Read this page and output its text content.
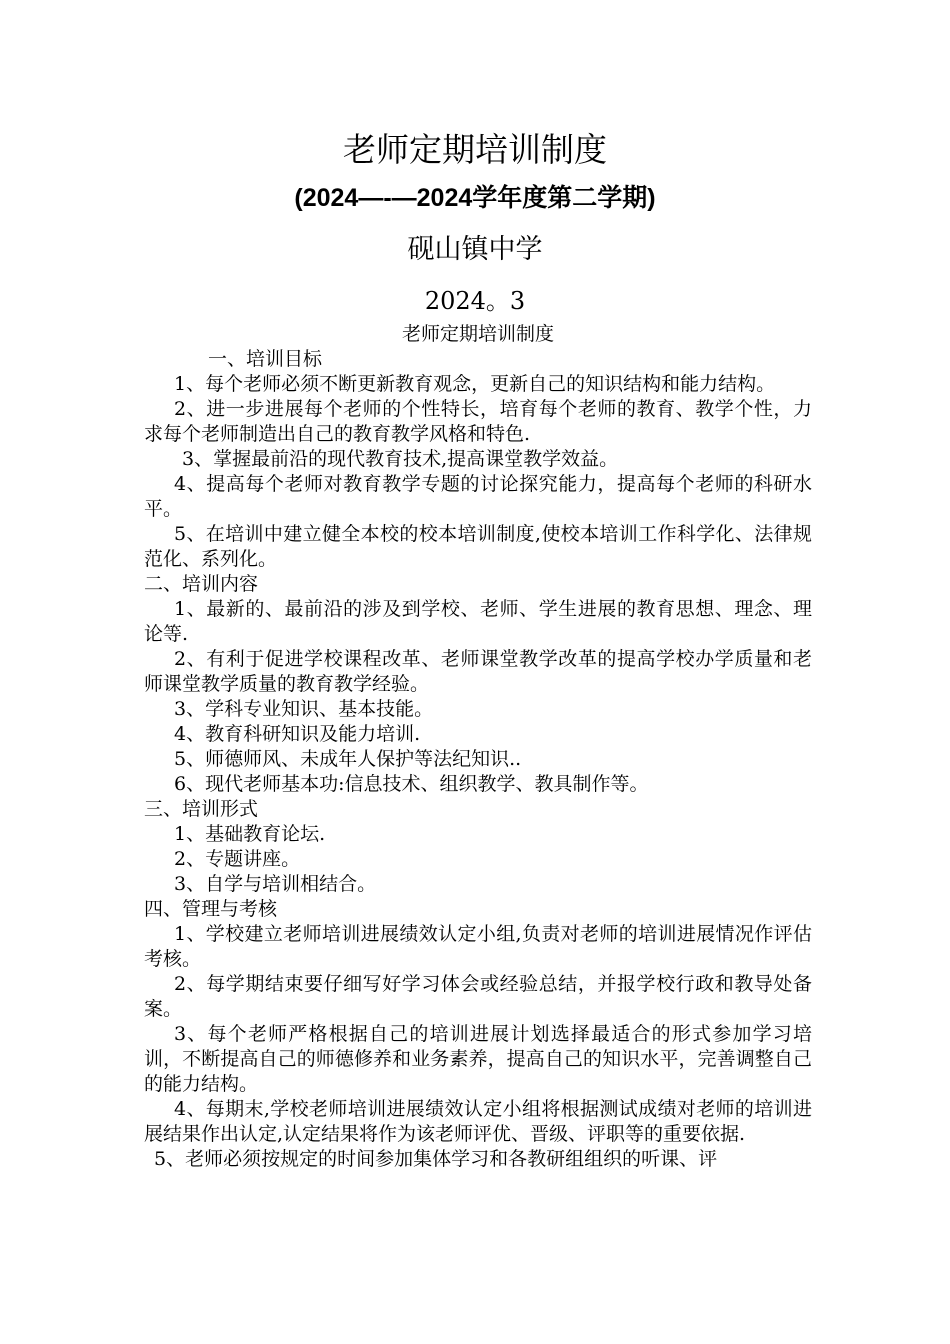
老师定期培训制度
(2024—-—2024学年度第二学期)
砚山镇中学
2024。3

老师定期培训制度

一、培训目标

1、每个老师必须不断更新教育观念，更新自己的知识结构和能力结构。

2、进一步进展每个老师的个性特长，培育每个老师的教育、教学个性，力求每个老师制造出自己的教育教学风格和特色.

3、掌握最前沿的现代教育技术,提高课堂教学效益。

4、提高每个老师对教育教学专题的讨论探究能力，提高每个老师的科研水平。

5、在培训中建立健全本校的校本培训制度,使校本培训工作科学化、法律规范化、系列化。

二、培训内容

1、最新的、最前沿的涉及到学校、老师、学生进展的教育思想、理念、理论等.

2、有利于促进学校课程改革、老师课堂教学改革的提高学校办学质量和老师课堂教学质量的教育教学经验。

3、学科专业知识、基本技能。

4、教育科研知识及能力培训.

5、师德师风、未成年人保护等法纪知识..

6、现代老师基本功:信息技术、组织教学、教具制作等。

三、培训形式

1、基础教育论坛.

2、专题讲座。

3、自学与培训相结合。

四、管理与考核

1、学校建立老师培训进展绩效认定小组,负责对老师的培训进展情况作评估考核。

2、每学期结束要仔细写好学习体会或经验总结，并报学校行政和教导处备案。

3、每个老师严格根据自己的培训进展计划选择最适合的形式参加学习培训，不断提高自己的师德修养和业务素养，提高自己的知识水平，完善调整自己的能力结构。

4、每期末,学校老师培训进展绩效认定小组将根据测试成绩对老师的培训进展结果作出认定,认定结果将作为该老师评优、晋级、评职等的重要依据.

5、老师必须按规定的时间参加集体学习和各教研组组织的听课、评
